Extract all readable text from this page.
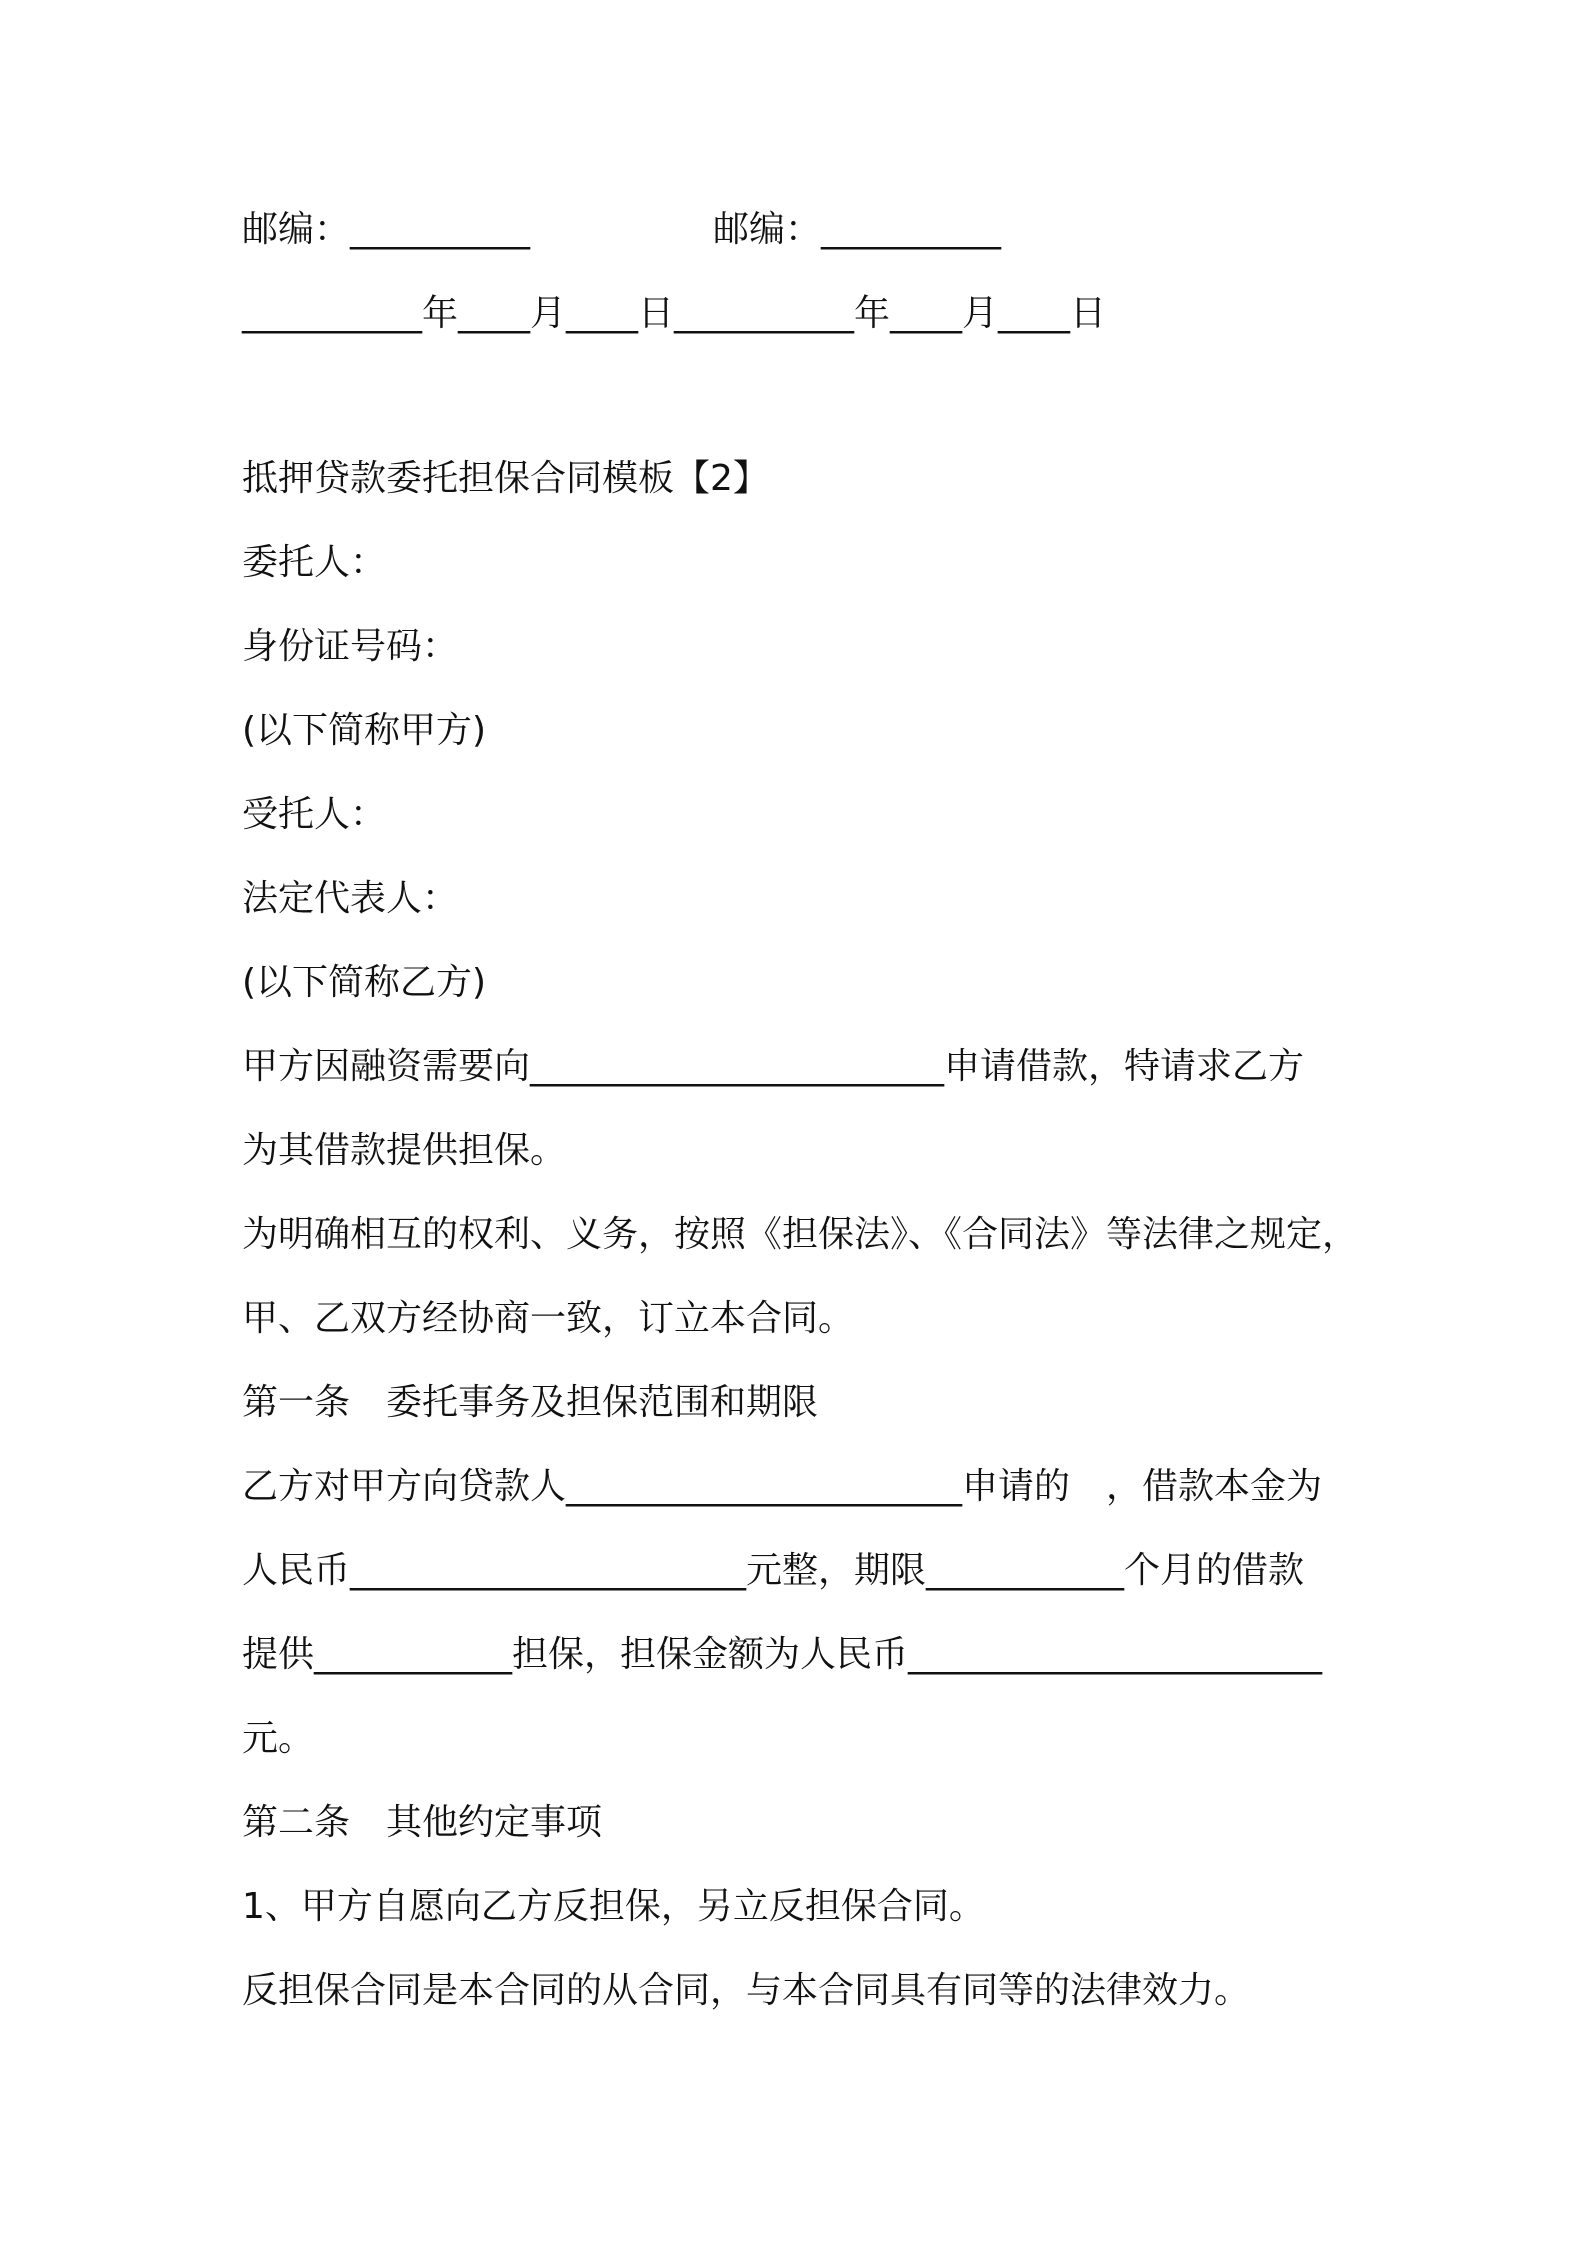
邮编：__________	邮编：__________
__________年____月____日__________年____月____日
抵押贷款委托担保合同模板【2】
委托人：
身份证号码：
(以下简称甲方)
受托人：
法定代表人：
(以下简称乙方)
甲方因融资需要向_______________________申请借款，特请求乙方
为其借款提供担保。
为明确相互的权利、义务，按照《担保法》、《合同法》等法律之规定，
甲、乙双方经协商一致，订立本合同。
第一条　委托事务及担保范围和期限
乙方对甲方向贷款人______________________申请的　，借款本金为
人民币______________________元整，期限___________个月的借款
提供___________担保，担保金额为人民币_______________________
元。
第二条　其他约定事项
1、甲方自愿向乙方反担保，另立反担保合同。
反担保合同是本合同的从合同，与本合同具有同等的法律效力。
